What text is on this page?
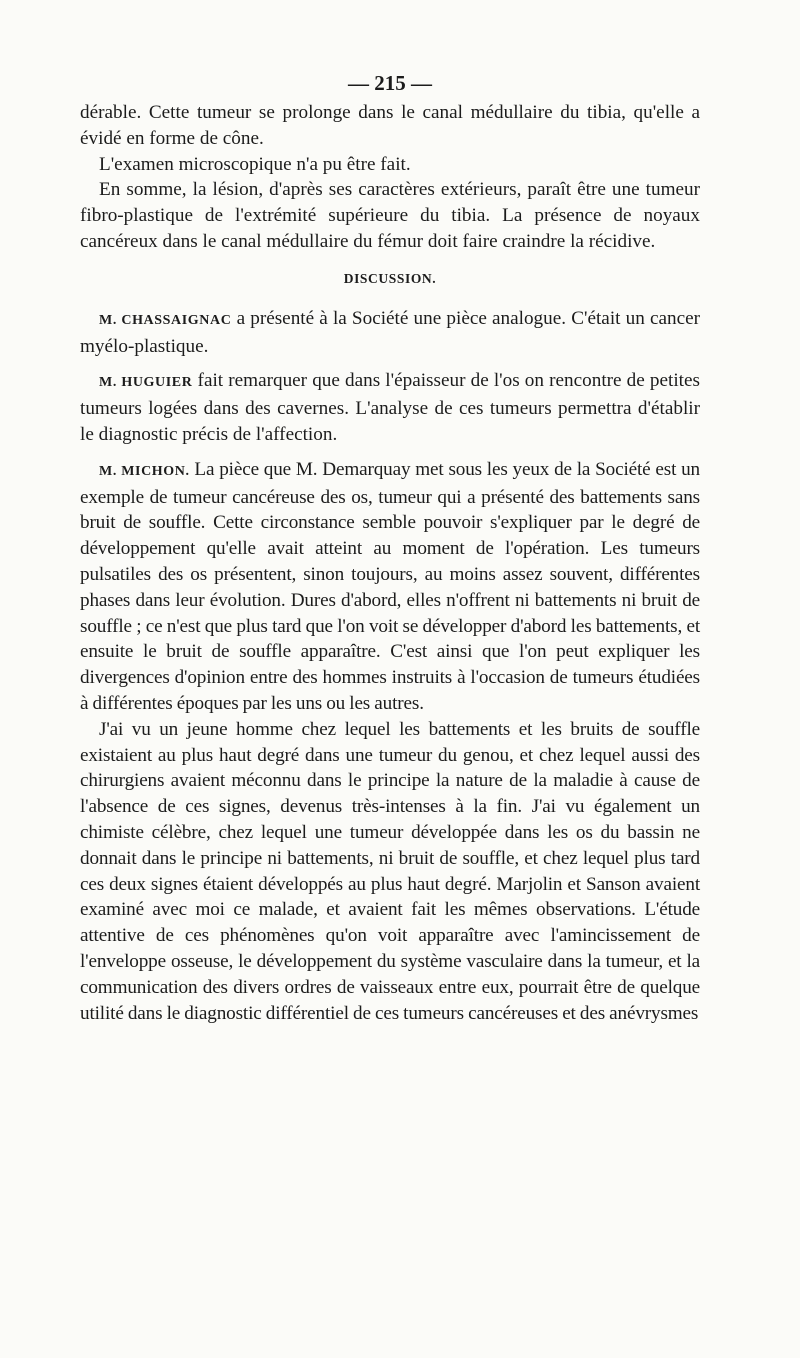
— 215 —

dérable. Cette tumeur se prolonge dans le canal médullaire du tibia, qu'elle a évidé en forme de cône.

L'examen microscopique n'a pu être fait.

En somme, la lésion, d'après ses caractères extérieurs, paraît être une tumeur fibro-plastique de l'extrémité supérieure du tibia. La présence de noyaux cancéreux dans le canal médullaire du fémur doit faire craindre la récidive.

DISCUSSION.

M. CHASSAIGNAC a présenté à la Société une pièce analogue. C'était un cancer myélo-plastique.

M. HUGUIER fait remarquer que dans l'épaisseur de l'os on rencontre de petites tumeurs logées dans des cavernes. L'analyse de ces tumeurs permettra d'établir le diagnostic précis de l'affection.

M. MICHON. La pièce que M. Demarquay met sous les yeux de la Société est un exemple de tumeur cancéreuse des os, tumeur qui a présenté des battements sans bruit de souffle. Cette circonstance semble pouvoir s'expliquer par le degré de développement qu'elle avait atteint au moment de l'opération. Les tumeurs pulsatiles des os présentent, sinon toujours, au moins assez souvent, différentes phases dans leur évolution. Dures d'abord, elles n'offrent ni battements ni bruit de souffle ; ce n'est que plus tard que l'on voit se développer d'abord les battements, et ensuite le bruit de souffle apparaître. C'est ainsi que l'on peut expliquer les divergences d'opinion entre des hommes instruits à l'occasion de tumeurs étudiées à différentes époques par les uns ou les autres.

J'ai vu un jeune homme chez lequel les battements et les bruits de souffle existaient au plus haut degré dans une tumeur du genou, et chez lequel aussi des chirurgiens avaient méconnu dans le principe la nature de la maladie à cause de l'absence de ces signes, devenus très-intenses à la fin. J'ai vu également un chimiste célèbre, chez lequel une tumeur développée dans les os du bassin ne donnait dans le principe ni battements, ni bruit de souffle, et chez lequel plus tard ces deux signes étaient développés au plus haut degré. Marjolin et Sanson avaient examiné avec moi ce malade, et avaient fait les mêmes observations. L'étude attentive de ces phénomènes qu'on voit apparaître avec l'amincissement de l'enveloppe osseuse, le développement du système vasculaire dans la tumeur, et la communication des divers ordres de vaisseaux entre eux, pourrait être de quelque utilité dans le diagnostic différentiel de ces tumeurs cancéreuses et des anévrysmes
